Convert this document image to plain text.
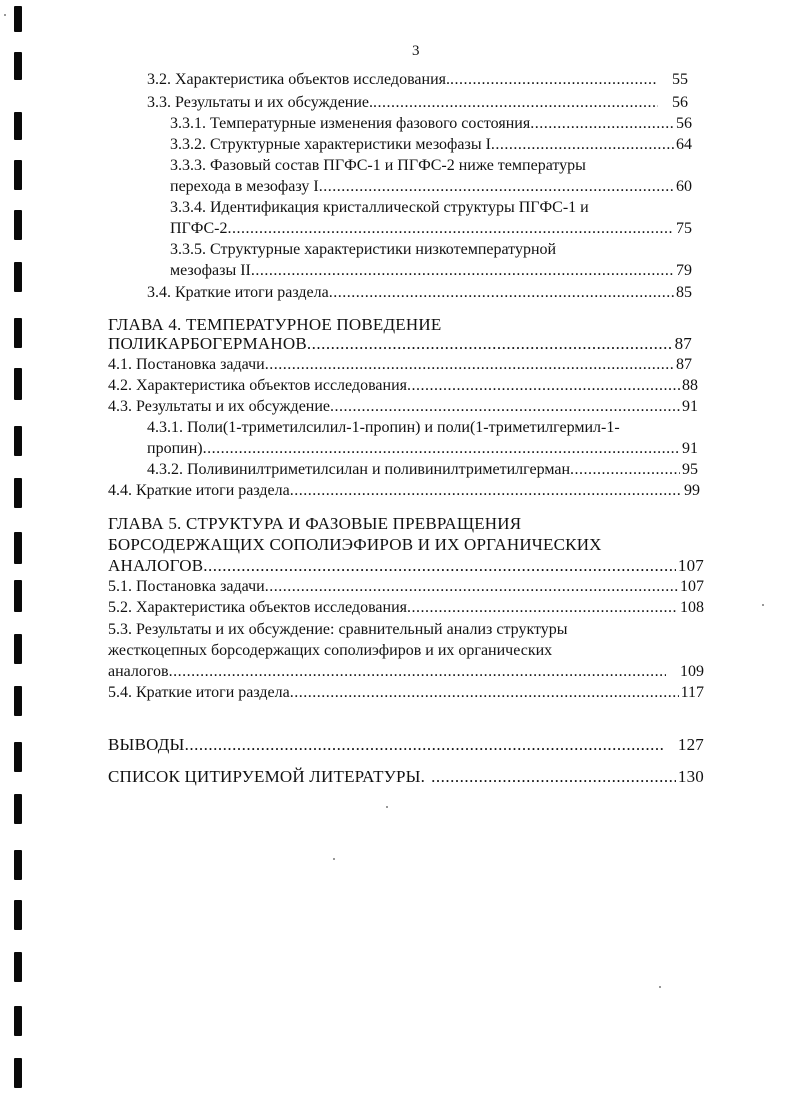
3
3.2. Характеристика объектов исследования. .....	55
3.3. Результаты и их обсуждение. .....	56
3.3.1. Температурные изменения фазового состояния .....	56
3.3.2. Структурные характеристики мезофазы I .....	64
3.3.3. Фазовый состав ПГФС-1 и ПГФС-2 ниже температуры
перехода в мезофазу I .....	60
3.3.4. Идентификация кристаллической структуры ПГФС-1 и
ПГФС-2 .....	75
3.3.5. Структурные характеристики низкотемпературной
мезофазы II .....	79
3.4. Краткие итоги раздела .....	85
ГЛАВА 4. ТЕМПЕРАТУРНОЕ ПОВЕДЕНИЕ
ПОЛИКАРБОГЕРМАНОВ .....	87
4.1. Постановка задачи .....	87
4.2. Характеристика объектов исследования .....	88
4.3. Результаты и их обсуждение .....	91
4.3.1. Поли(1-триметилсилил-1-пропин) и поли(1-триметилгермил-1-
пропин) .....	91
4.3.2. Поливинилтриметилсилан и поливинилтриметилгерман .....	95
4.4. Краткие итоги раздела .....	99
ГЛАВА 5. СТРУКТУРА И ФАЗОВЫЕ ПРЕВРАЩЕНИЯ
БОРСОДЕРЖАЩИХ СОПОЛИЭФИРОВ И ИХ ОРГАНИЧЕСКИХ
АНАЛОГОВ .....	107
5.1. Постановка задачи .....	107
5.2. Характеристика объектов исследования .....	108
5.3. Результаты и их обсуждение: сравнительный анализ структуры
жесткоцепных борсодержащих сополиэфиров и их органических
аналогов .....	109
5.4. Краткие итоги раздела .....	117
ВЫВОДЫ .....	127
СПИСОК ЦИТИРУЕМОЙ ЛИТЕРАТУРЫ. .....	130
